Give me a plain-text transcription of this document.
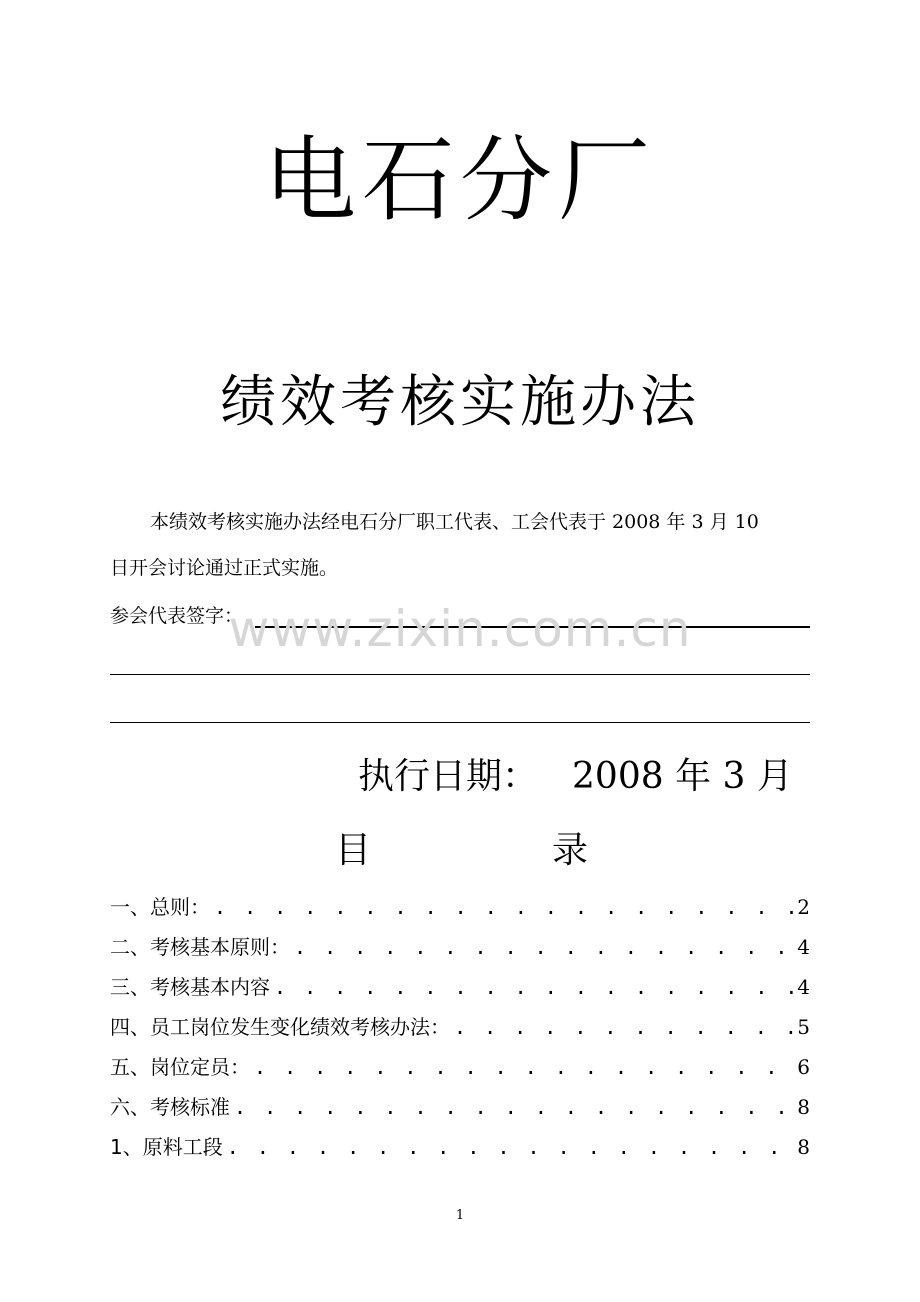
电石分厂
绩效考核实施办法
本绩效考核实施办法经电石分厂职工代表、工会代表于 2008 年 3 月 10
日开会讨论通过正式实施。
参会代表签字：
www.zixin.com.cn
执行日期： 2008 年 3 月
目	录
一、总则： . . .	2
二、考核基本原则： . . .	4
三、考核基本内容 . . .	4
四、员工岗位发生变化绩效考核办法： . . .	5
五、岗位定员： . . .	6
六、考核标准 . . .	8
1、原料工段 . . .	8
1
